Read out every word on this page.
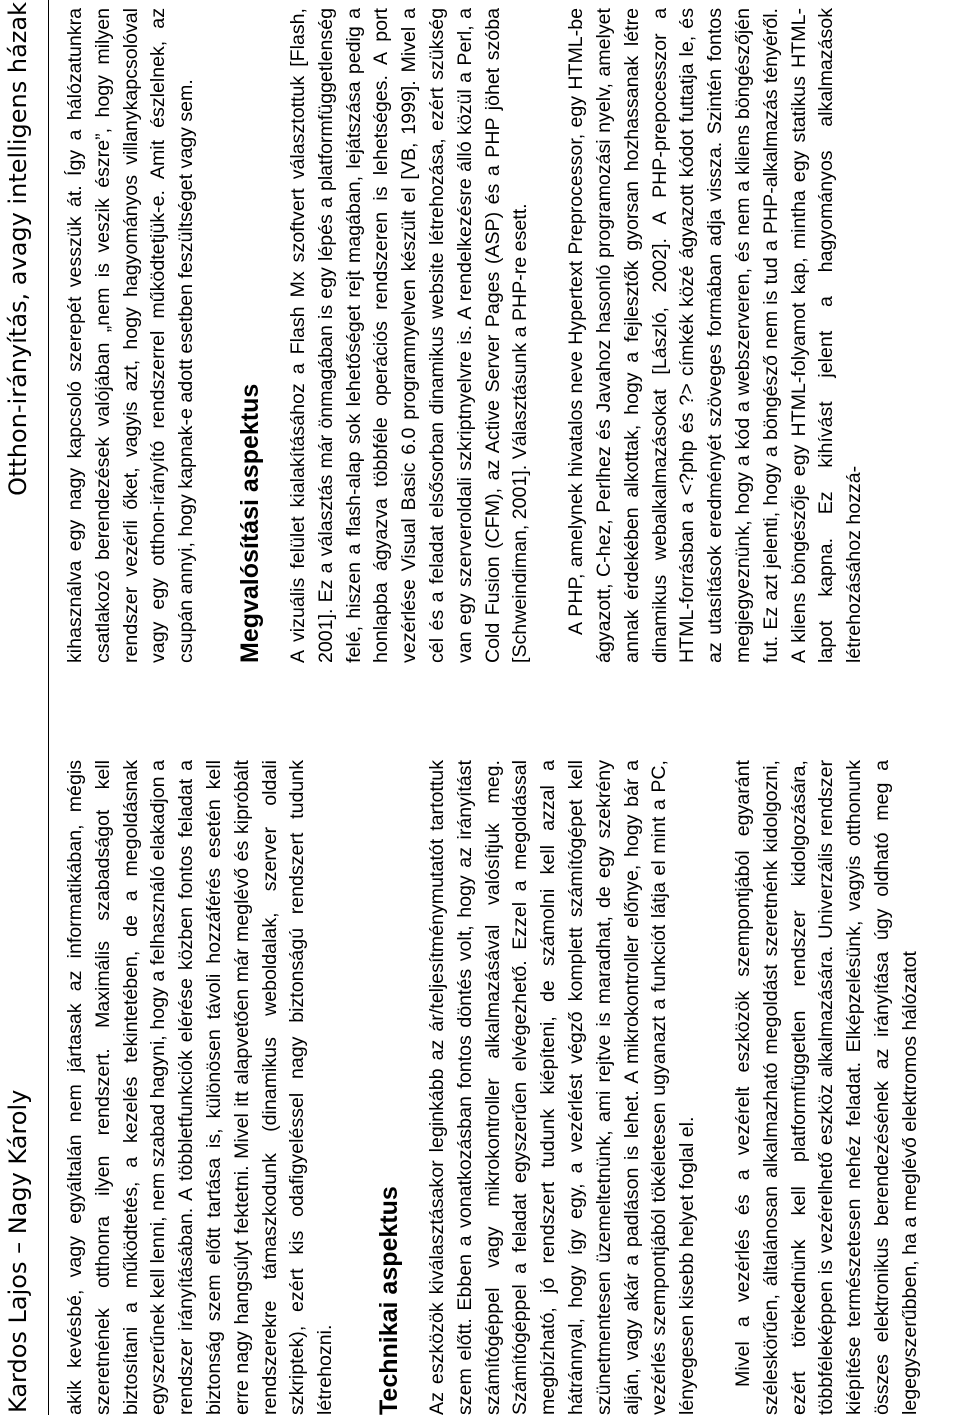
Kardos Lajos – Nagy Károly
Otthon-irányítás, avagy intelligens házak

akik kevésbé, vagy egyáltalán nem jártasak az informatikában, mégis szeretnének otthonra ilyen rendszert. Maximális szabadságot kell biztosítani a működtetés, a kezelés tekintetében, de a megoldásnak egyszerűnek kell lenni, nem szabad hagyni, hogy a felhasználó elakadjon a rendszer irányításában. A többletfunkciók elérése közben fontos feladat a biztonság szem előtt tartása is, különösen távoli hozzáférés esetén kell erre nagy hangsúlyt fektetni. Mivel itt alapvetően már meglévő és kipróbált rendszerekre támaszkodunk (dinamikus weboldalak, szerver oldali szkriptek), ezért kis odafigyeléssel nagy biztonságú rendszert tudunk létrehozni. Technikai aspektus Az eszközök kiválasztásakor leginkább az ár/teljesítménymutatót tartottuk szem előtt. Ebben a vonatkozásban fontos döntés volt, hogy az irányítást számítógéppel vagy mikrokontroller alkalmazásával valósítjuk meg. Számítógéppel a feladat egyszerűen elvégezhető. Ezzel a megoldással megbízható, jó rendszert tudunk kiépíteni, de számolni kell azzal a hátránnyal, hogy így egy, a vezérlést végző komplett számítógépet kell szünetmentesen üzemeltetnünk, ami rejtve is maradhat, de egy szekrény alján, vagy akár a padláson is lehet. A mikrokontroller előnye, hogy bár a vezérlés szempontjából tökéletesen ugyanazt a funkciót látja el mint a PC, lényegesen kisebb helyet foglal el. Mivel a vezérlés és a vezérelt eszközök szempontjából egyaránt széleskörűen, általánosan alkalmazható megoldást szeretnénk kidolgozni, ezért törekednünk kell platformfüggetlen rendszer kidolgozására, többféleképpen is vezérelhető eszköz alkalmazására. Univerzális rendszer kiépítése természetesen nehéz feladat. Elképzelésünk, vagyis otthonunk összes elektronikus berendezésének az irányítása úgy oldható meg a legegyszerűbben, ha a meglévő elektromos hálózatot

kihasználva egy nagy kapcsoló szerepét vesszük át. Így a hálózatunkra csatlakozó berendezések valójában „nem is veszik észre”, hogy milyen rendszer vezérli őket, vagyis azt, hogy hagyományos villanykapcsolóval vagy egy otthon-irányító rendszerrel működtetjük-e. Amit észlelnek, az csupán annyi, hogy kapnak-e adott esetben feszültséget vagy sem. Megvalósítási aspektus A vizuális felület kialakításához a Flash Mx szoftvert választottuk [Flash, 2001]. Ez a választás már önmagában is egy lépés a platformfüggetlenség felé, hiszen a flash-alap sok lehetőséget rejt magában, lejátszása pedig a honlapba ágyazva többféle operációs rendszeren is lehetséges. A port vezérlése Visual Basic 6.0 programnyelven készült el [VB, 1999]. Mivel a cél és a feladat elsősorban dinamikus website létrehozása, ezért szükség van egy szerveroldali szkriptnyelvre is. A rendelkezésre álló közül a Perl, a Cold Fusion (CFM), az Active Server Pages (ASP) és a PHP jöhet szóba [Schweindiman, 2001]. Választásunk a PHP-re esett. A PHP, amelynek hivatalos neve Hypertext Preprocessor, egy HTML-be ágyazott, C-hez, Perlhez és Javahoz hasonló programozási nyelv, amelyet annak érdekében alkottak, hogy a fejlesztők gyorsan hozhassanak létre dinamikus webalkalmazásokat [László, 2002]. A PHP-prepocesszor a HTML-forrásban a <?php és ?> címkék közé ágyazott kódot futtatja le, és az utasítások eredményét szöveges formában adja vissza. Szintén fontos megjegyeznünk, hogy a kód a webszerveren, és nem a kliens böngészőjén fut. Ez azt jelenti, hogy a böngésző nem is tud a PHP-alkalmazás tényéről. A kliens böngészője egy HTML-folyamot kap, mintha egy statikus HTML-lapot kapna. Ez kihívást jelent a hagyományos alkalmazások létrehozásához hozzá-
